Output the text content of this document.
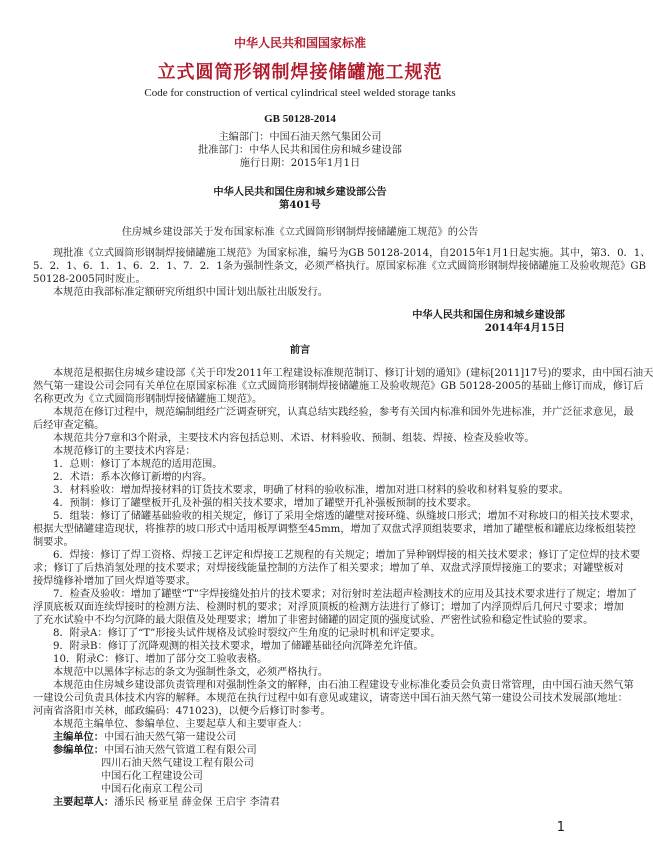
中华人民共和国国家标准
立式圆筒形钢制焊接储罐施工规范
Code for construction of vertical cylindrical steel welded storage tanks
GB 50128-2014
主编部门：中国石油天然气集团公司
批准部门：中华人民共和国住房和城乡建设部
施行日期：2015年1月1日
中华人民共和国住房和城乡建设部公告
第401号
住房城乡建设部关于发布国家标准《立式圆筒形钢制焊接储罐施工规范》的公告
现批准《立式圆筒形钢制焊接储罐施工规范》为国家标准，编号为GB 50128-2014，自2015年1月1日起实施。其中，第3．0．1、
5．2．1、6．1．1、6．2．1、7．2．1条为强制性条文，必须严格执行。原国家标准《立式圆筒形钢制焊接储罐施工及验收规范》GB
50128-2005同时废止。
本规范由我部标准定额研究所组织中国计划出版社出版发行。
中华人民共和国住房和城乡建设部
2014年4月15日
前言
本规范是根据住房城乡建设部《关于印发2011年工程建设标准规范制订、修订计划的通知》(建标[2011]17号)的要求，由中国石油天
然气第一建设公司会同有关单位在原国家标准《立式圆筒形钢制焊接储罐施工及验收规范》GB 50128-2005的基础上修订而成，修订后
名称更改为《立式圆筒形钢制焊接储罐施工规范》。
本规范在修订过程中，规范编制组经广泛调查研究，认真总结实践经验，参考有关国内标准和国外先进标准，并广泛征求意见，最
后经审查定稿。
本规范共分7章和3个附录，主要技术内容包括总则、术语、材料验收、预制、组装、焊接、检查及验收等。
本规范修订的主要技术内容是：
1．总则：修订了本规范的适用范围。
2．术语：系本次修订新增的内容。
3．材料验收：增加焊接材料的订货技术要求，明确了材料的验收标准，增加对进口材料的验收和材料复验的要求。
4．预制：修订了罐壁板开孔及补强的相关技术要求，增加了罐壁开孔补强板预制的技术要求。
5．组装：修订了储罐基础验收的相关规定，修订了采用全熔透的罐壁对接环缝、纵缝坡口形式；增加不对称坡口的相关技术要求，
根据大型储罐建造现状，将推荐的坡口形式中适用板厚调整至45mm，增加了双盘式浮顶组装要求，增加了罐壁板和罐底边缘板组装控
制要求。
6．焊接：修订了焊工资格、焊接工艺评定和焊接工艺规程的有关规定；增加了异种钢焊接的相关技术要求；修订了定位焊的技术要
求；修订了后热消氢处理的技术要求；对焊接线能量控制的方法作了相关要求；增加了单、双盘式浮顶焊接施工的要求；对罐壁板对
接焊缝修补增加了回火焊道等要求。
7．检查及验收：增加了罐壁“T”字焊接缝处拍片的技术要求；对衍射时差法超声检测技术的应用及其技术要求进行了规定；增加了
浮顶底板双面连续焊接时的检测方法、检测时机的要求；对浮顶顶板的检测方法进行了修订；增加了内浮顶焊后几何尺寸要求；增加
了充水试验中不均匀沉降的最大限值及处理要求；增加了非密封储罐的固定顶的强度试验、严密性试验和稳定性试验的要求。
8．附录A：修订了“T”形接头试件规格及试验时裂纹产生角度的记录时机和评定要求。
9．附录B：修订了沉降观测的相关技术要求，增加了储罐基础径向沉降差允许值。
10．附录C：修订、增加了部分交工验收表格。
本规范中以黑体字标志的条文为强制性条文，必须严格执行。
本规范由住房城乡建设部负责管理和对强制性条文的解释，由石油工程建设专业标准化委员会负责日常管理，由中国石油天然气第
一建设公司负责具体技术内容的解释。本规范在执行过程中如有意见或建议，请寄送中国石油天然气第一建设公司技术发展部(地址：
河南省洛阳市关林，邮政编码：471023)，以便今后修订时参考。
本规范主编单位、参编单位、主要起草人和主要审查人：
主编单位：中国石油天然气第一建设公司
参编单位：中国石油天然气管道工程有限公司
四川石油天然气建设工程有限公司
中国石化工程建设公司
中国石化南京工程公司
主要起草人：潘乐民 杨亚星 薛金保 王启宇 李清君
1
